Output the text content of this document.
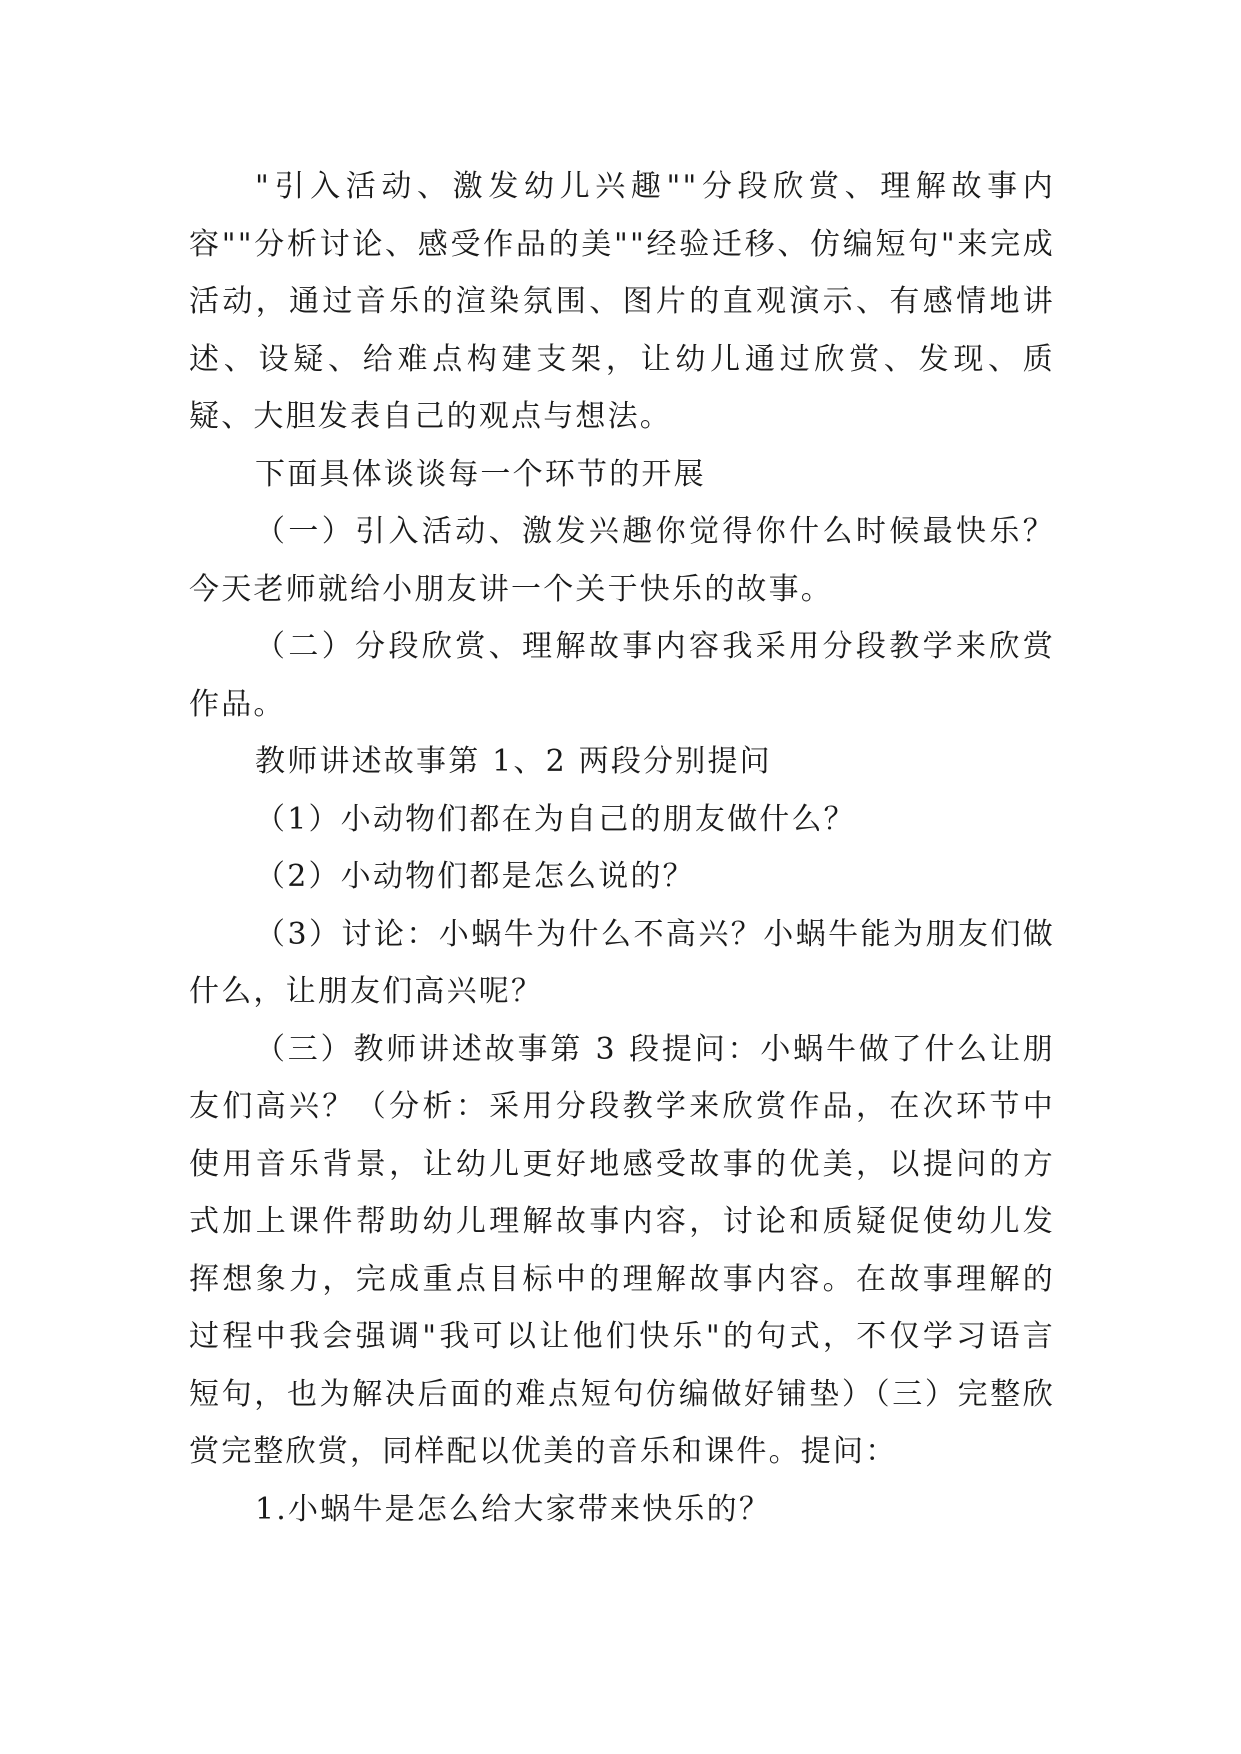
"引入活动、激发幼儿兴趣""分段欣赏、理解故事内容""分析讨论、感受作品的美""经验迁移、仿编短句"来完成活动，通过音乐的渲染氛围、图片的直观演示、有感情地讲述、设疑、给难点构建支架，让幼儿通过欣赏、发现、质疑、大胆发表自己的观点与想法。

下面具体谈谈每一个环节的开展

（一）引入活动、激发兴趣你觉得你什么时候最快乐？今天老师就给小朋友讲一个关于快乐的故事。

（二）分段欣赏、理解故事内容我采用分段教学来欣赏作品。

教师讲述故事第 1、2 两段分别提问

（1）小动物们都在为自己的朋友做什么？

（2）小动物们都是怎么说的？

（3）讨论：小蜗牛为什么不高兴？小蜗牛能为朋友们做什么，让朋友们高兴呢？

（三）教师讲述故事第 3 段提问：小蜗牛做了什么让朋友们高兴？（分析：采用分段教学来欣赏作品，在次环节中使用音乐背景，让幼儿更好地感受故事的优美，以提问的方式加上课件帮助幼儿理解故事内容，讨论和质疑促使幼儿发挥想象力，完成重点目标中的理解故事内容。在故事理解的过程中我会强调"我可以让他们快乐"的句式，不仅学习语言短句，也为解决后面的难点短句仿编做好铺垫）（三）完整欣赏完整欣赏，同样配以优美的音乐和课件。提问：

1.小蜗牛是怎么给大家带来快乐的？
